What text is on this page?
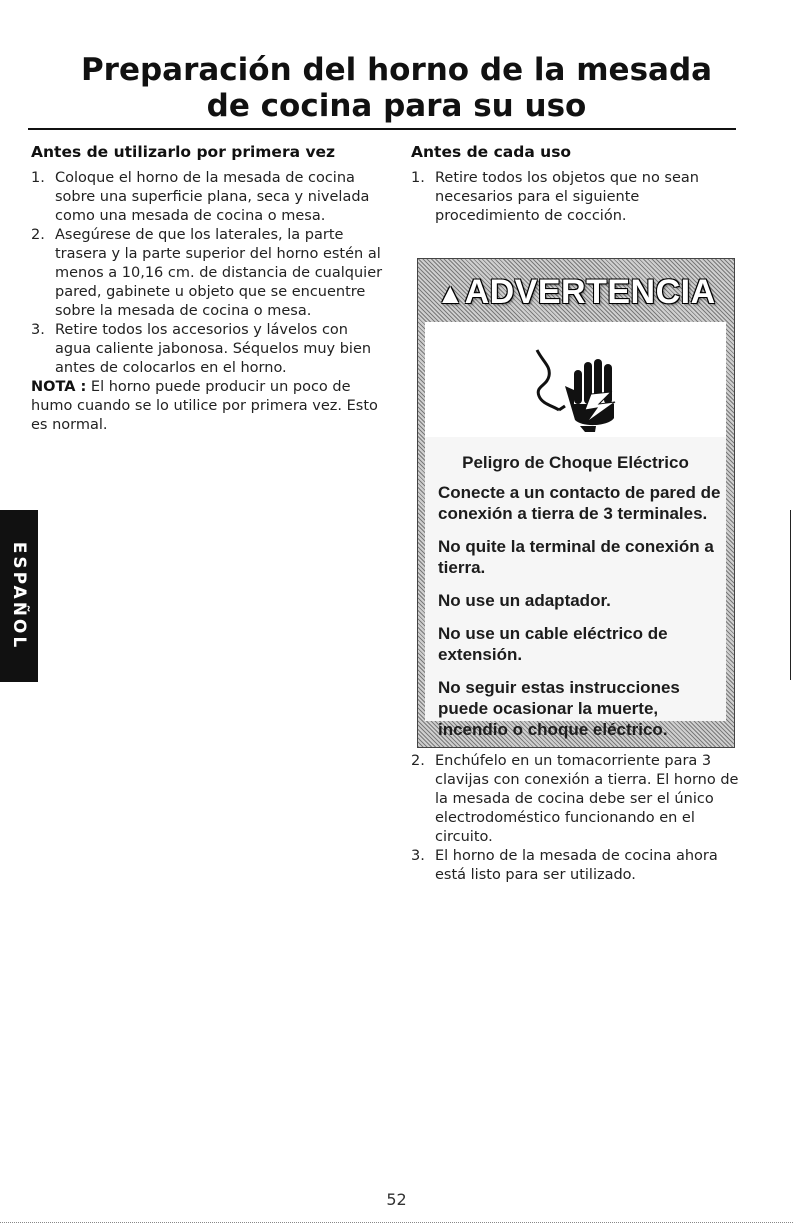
Preparación del horno de la mesada
de cocina para su uso
Antes de utilizarlo por primera vez
1. Coloque el horno de la mesada de cocina sobre una superficie plana, seca y nivelada como una mesada de cocina o mesa.
2. Asegúrese de que los laterales, la parte trasera y la parte superior del horno estén al menos a 10,16 cm. de distancia de cualquier pared, gabinete u objeto que se encuentre sobre la mesada de cocina o mesa.
3. Retire todos los accesorios y lávelos con agua caliente jabonosa. Séquelos muy bien antes de colocarlos en el horno.
NOTA : El horno puede producir un poco de humo cuando se lo utilice por primera vez. Esto es normal.
Antes de cada uso
1. Retire todos los objetos que no sean necesarios para el siguiente procedimiento de cocción.
▲ADVERTENCIA
Peligro de Choque Eléctrico

Conecte a un contacto de pared de conexión a tierra de 3 terminales.

No quite la terminal de conexión a tierra.

No use un adaptador.

No use un cable eléctrico de extensión.

No seguir estas instrucciones puede ocasionar la muerte, incendio o choque eléctrico.

2. Enchúfelo en un tomacorriente para 3 clavijas con conexión a tierra. El horno de la mesada de cocina debe ser el único electrodoméstico funcionando en el circuito.
3. El horno de la mesada de cocina ahora está listo para ser utilizado.
ESPAÑOL
52
